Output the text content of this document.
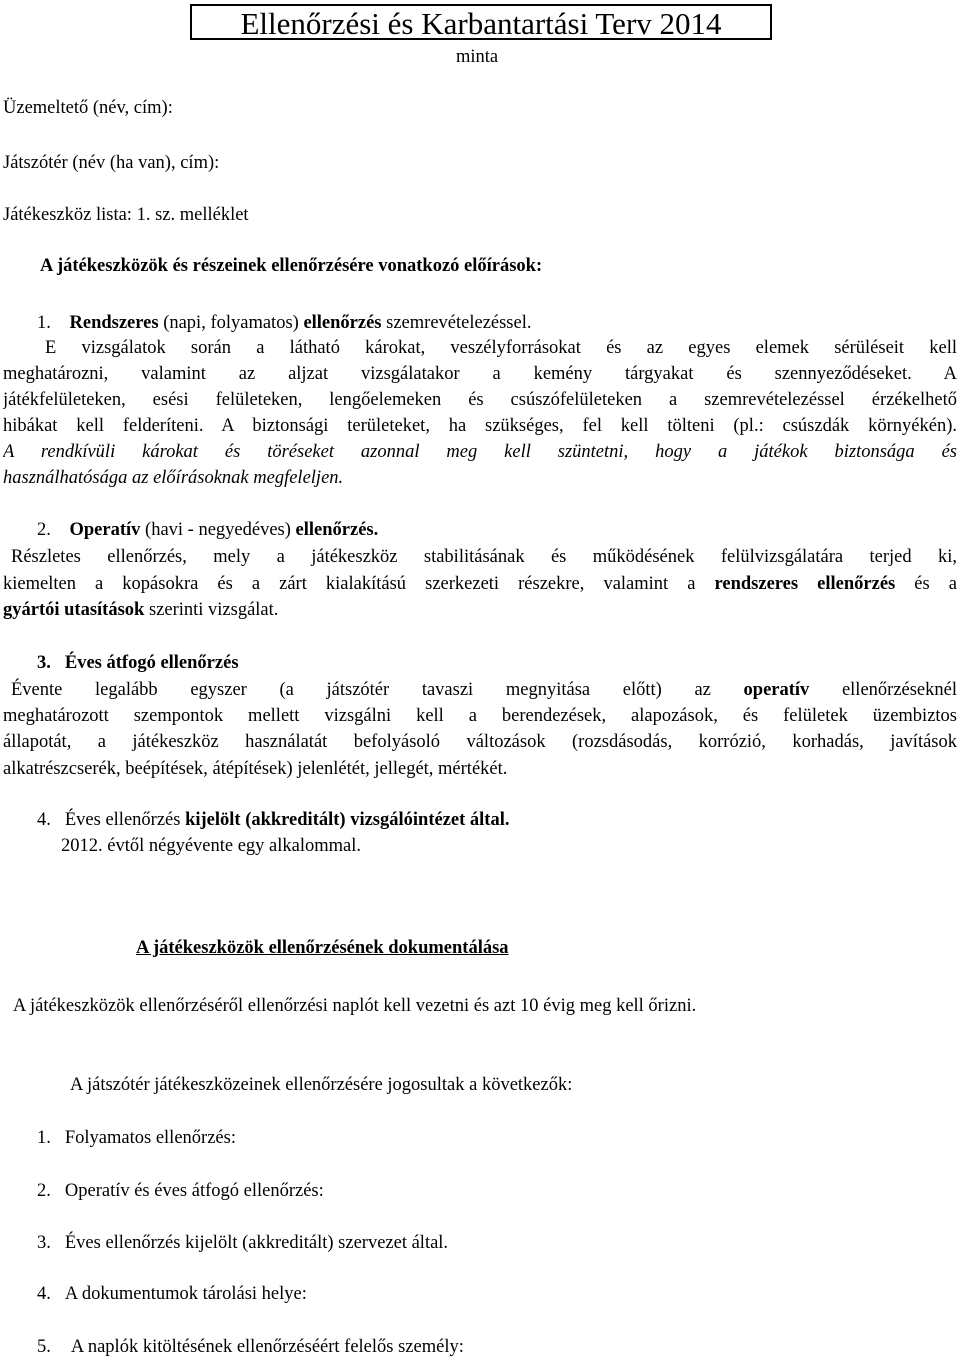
Ellenőrzési és Karbantartási Terv 2014
minta
Üzemeltető (név, cím):
Játszótér (név (ha van), cím):
Játékeszköz lista: 1. sz. melléklet
A játékeszközök és részeinek ellenőrzésére vonatkozó előírások:
1. Rendszeres (napi, folyamatos) ellenőrzés szemrevételezéssel.
E vizsgálatok során a látható károkat, veszélyforrásokat és az egyes elemek sérüléseit kell
meghatározni, valamint az aljzat vizsgálatakor a kemény tárgyakat és szennyeződéseket. A
játékfelületeken, esési felületeken, lengőelemeken és csúszófelületeken a szemrevételezéssel érzékelhető
hibákat kell felderíteni. A biztonsági területeket, ha szükséges, fel kell tölteni (pl.: csúszdák környékén).
A rendkívüli károkat és töréseket azonnal meg kell szüntetni, hogy a játékok biztonsága és
használhatósága az előírásoknak megfeleljen.
2. Operatív (havi - negyedéves) ellenőrzés.
Részletes ellenőrzés, mely a játékeszköz stabilitásának és működésének felülvizsgálatára terjed ki,
kiemelten a kopásokra és a zárt kialakítású szerkezeti részekre, valamint a rendszeres ellenőrzés és a
gyártói utasítások szerinti vizsgálat.
3. Éves átfogó ellenőrzés
Évente legalább egyszer (a játszótér tavaszi megnyitása előtt) az operatív ellenőrzéseknél
meghatározott szempontok mellett vizsgálni kell a berendezések, alapozások, és felületek üzembiztos
állapotát, a játékeszköz használatát befolyásoló változások (rozsdásodás, korrózió, korhadás, javítások
alkatrészcserék, beépítések, átépítések) jelenlétét, jellegét, mértékét.
4. Éves ellenőrzés kijelölt (akkreditált) vizsgálóintézet által.
2012. évtől négyévente egy alkalommal.
A játékeszközök ellenőrzésének dokumentálása
A játékeszközök ellenőrzéséről ellenőrzési naplót kell vezetni és azt 10 évig meg kell őrizni.
A játszótér játékeszközeinek ellenőrzésére jogosultak a következők:
1. Folyamatos ellenőrzés:
2. Operatív és éves átfogó ellenőrzés:
3. Éves ellenőrzés kijelölt (akkreditált) szervezet által.
4. A dokumentumok tárolási helye:
5. A naplók kitöltésének ellenőrzéséért felelős személy:
